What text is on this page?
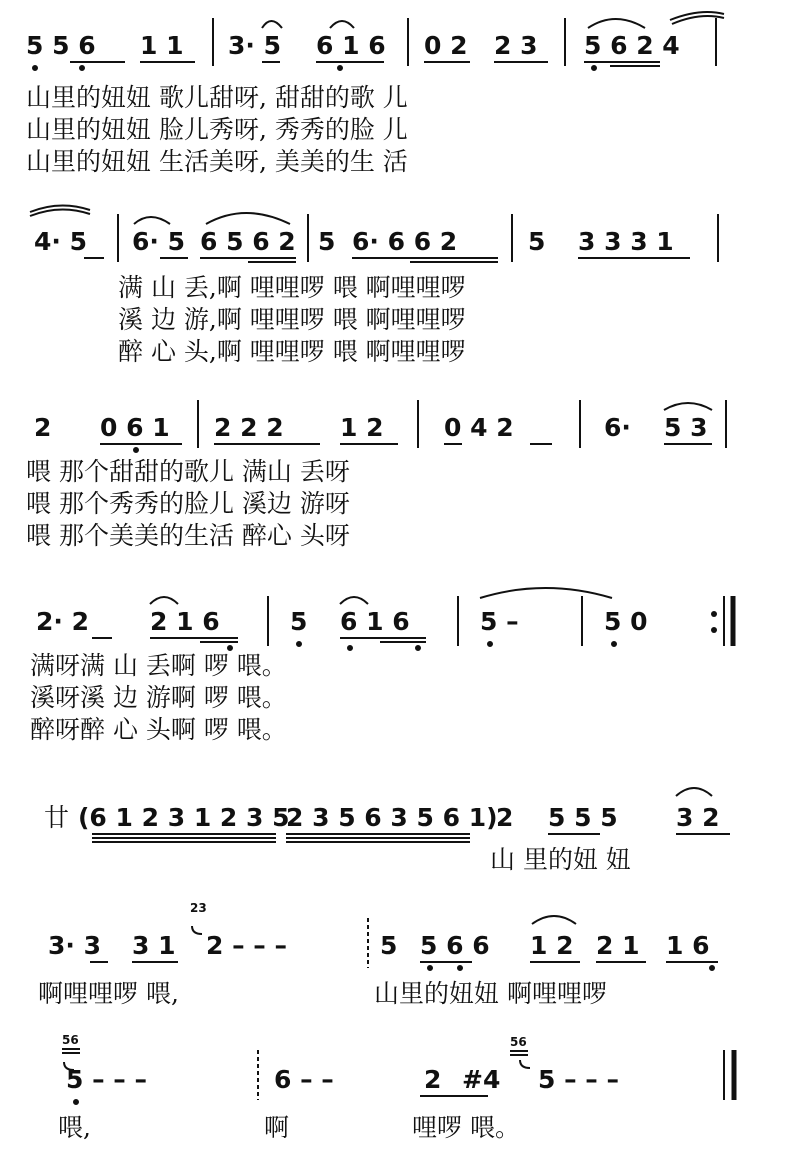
5 5 6 1 1 3· 5 6 1 6 0 2 2 3 5 6 2 4
山里的妞妞 歌儿甜呀, 甜甜的歌 儿
山里的妞妞 脸儿秀呀, 秀秀的脸 儿
山里的妞妞 生活美呀, 美美的生 活
4· 5 6· 5 6 5 6 2 5 6· 6 6 2	5 3 3 3 1
满 山 丢,啊 哩哩啰 喂 啊哩哩啰
溪 边 游,啊 哩哩啰 喂 啊哩哩啰
醉 心 头,啊 哩哩啰 喂 啊哩哩啰
2 0 6 1 2 2 2 1 2 0 4 2	6· 5 3
喂 那个甜甜的歌儿 满山 丢呀
喂 那个秀秀的脸儿 溪边 游呀
喂 那个美美的生活 醉心 头呀
2· 2 2 1 6	5 6 1 6	5 –	5 0
满呀满 山 丢啊 啰 喂。
溪呀溪 边 游啊 啰 喂。
醉呀醉 心 头啊 啰 喂。
廿 (6 1 2 3 1 2 3 5
2 3 5 6 3 5 6 1)
2 5 5 5 3 2
山 里的妞 妞
23
3· 3 3 1 2 – – –	5 5 6 6 1 2 2 1 1 6
啊哩哩啰 喂,	山里的妞妞 啊哩哩啰
56	56
5 – – –	6 – –	2 #4 5 – – –
喂,	啊	哩啰 喂。
